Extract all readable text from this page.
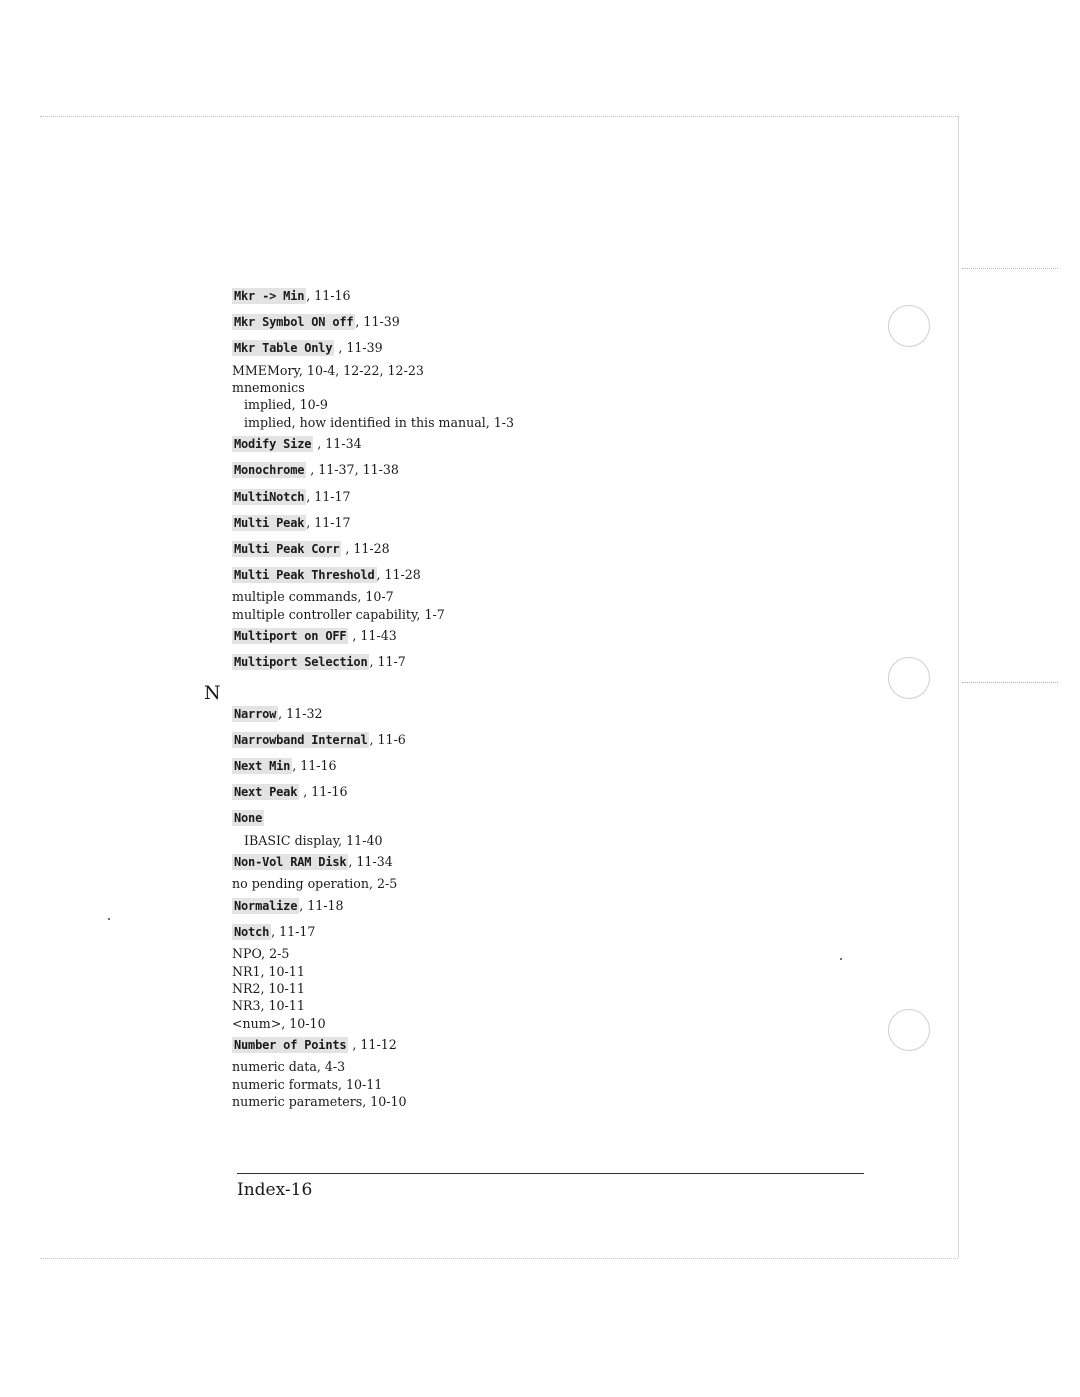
N
Mkr -> Min , 11-16
Mkr Symbol ON off , 11-39
Mkr Table Only , 11-39
MMEMory, 10-4, 12-22, 12-23
mnemonics
implied, 10-9
implied, how identified in this manual, 1-3
Modify Size , 11-34
Monochrome , 11-37, 11-38
MultiNotch , 11-17
Multi Peak , 11-17
Multi Peak Corr , 11-28
Multi Peak Threshold , 11-28
multiple commands, 10-7
multiple controller capability, 1-7
Multiport on OFF , 11-43
Multiport Selection , 11-7
Narrow , 11-32
Narrowband Internal , 11-6
Next Min , 11-16
Next Peak , 11-16
None
IBASIC display, 11-40
Non-Vol RAM Disk , 11-34
no pending operation, 2-5
Normalize , 11-18
Notch , 11-17
NPO, 2-5
NR1, 10-11
NR2, 10-11
NR3, 10-11
<num>, 10-10
Number of Points , 11-12
numeric data, 4-3
numeric formats, 10-11
numeric parameters, 10-10
Index-16
